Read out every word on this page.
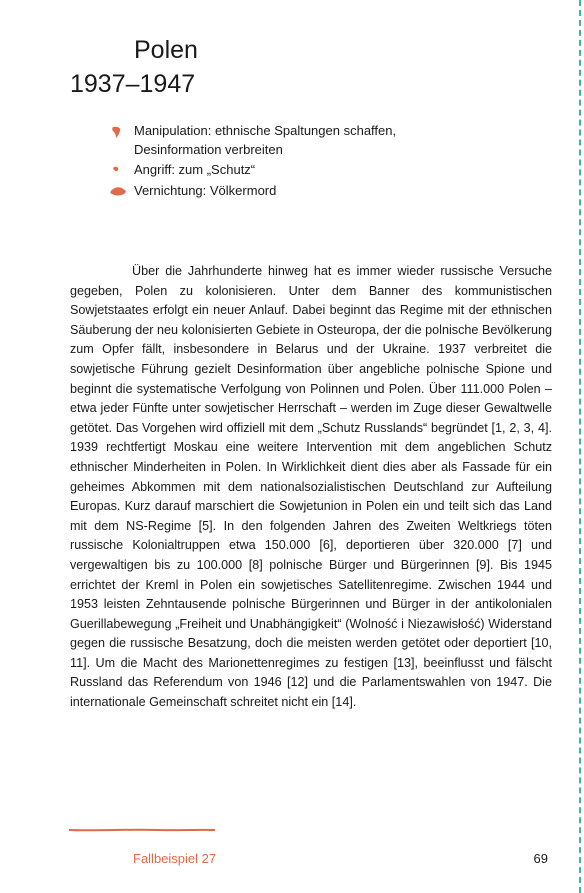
Polen
1937–1947
Manipulation: ethnische Spaltungen schaffen, Desinformation verbreiten
Angriff: zum „Schutz“
Vernichtung: Völkermord

Über die Jahrhunderte hinweg hat es immer wieder russische Versuche gegeben, Polen zu kolonisieren. Unter dem Banner des kommunistischen Sowjetstaates erfolgt ein neuer Anlauf. Dabei beginnt das Regime mit der ethnischen Säuberung der neu kolonisierten Gebiete in Osteuropa, der die polnische Bevölkerung zum Opfer fällt, insbesondere in Belarus und der Ukraine. 1937 verbreitet die sowjetische Führung gezielt Desinformation über angebliche polnische Spione und beginnt die systematische Verfolgung von Polinnen und Polen. Über 111.000 Polen – etwa jeder Fünfte unter sowjetischer Herrschaft – werden im Zuge dieser Gewaltwelle getötet. Das Vorgehen wird offiziell mit dem „Schutz Russlands“ begründet [1, 2, 3, 4]. 1939 rechtfertigt Moskau eine weitere Intervention mit dem angeblichen Schutz ethnischer Minderheiten in Polen. In Wirklichkeit dient dies aber als Fassade für ein geheimes Abkommen mit dem nationalsozialistischen Deutschland zur Aufteilung Europas. Kurz darauf marschiert die Sowjetunion in Polen ein und teilt sich das Land mit dem NS-Regime [5]. In den folgenden Jahren des Zweiten Weltkriegs töten russische Kolonialtruppen etwa 150.000 [6], deportieren über 320.000 [7] und vergewaltigen bis zu 100.000 [8] polnische Bürger und Bürgerinnen [9]. Bis 1945 errichtet der Kreml in Polen ein sowjetisches Satellitenregime. Zwischen 1944 und 1953 leisten Zehntausende polnische Bürgerinnen und Bürger in der antikolonialen Guerillabewegung „Freiheit und Unabhängigkeit“ (Wolność i Niezawisłość) Widerstand gegen die russische Besatzung, doch die meisten werden getötet oder deportiert [10, 11]. Um die Macht des Marionettenregimes zu festigen [13], beeinflusst und fälscht Russland das Referendum von 1946 [12] und die Parlamentswahlen von 1947. Die internationale Gemeinschaft schreitet nicht ein [14].

Fallbeispiel 27	69
